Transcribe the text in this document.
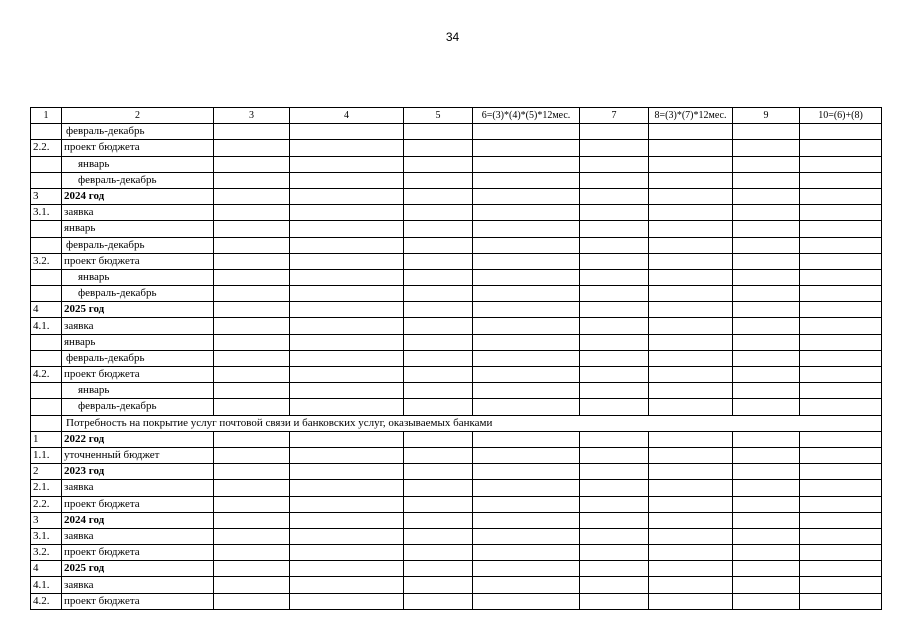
34
1	2	3	4	5	6=(3)*(4)*(5)*12мес.	7	8=(3)*(7)*12мес.	9	10=(6)+(8)
	февраль-декабрь								
2.2.	проект бюджета								
	январь								
	февраль-декабрь								
3	2024 год								
3.1.	заявка								
	январь								
	февраль-декабрь								
3.2.	проект бюджета								
	январь								
	февраль-декабрь								
4	2025 год								
4.1.	заявка								
	январь								
	февраль-декабрь								
4.2.	проект бюджета								
	январь								
	февраль-декабрь								
	Потребность на покрытие услуг почтовой связи и банковских услуг, оказываемых банками								
1	2022 год								
1.1.	уточненный бюджет								
2	2023 год								
2.1.	заявка								
2.2.	проект бюджета								
3	2024 год								
3.1.	заявка								
3.2.	проект бюджета								
4	2025 год								
4.1.	заявка								
4.2.	проект бюджета								
